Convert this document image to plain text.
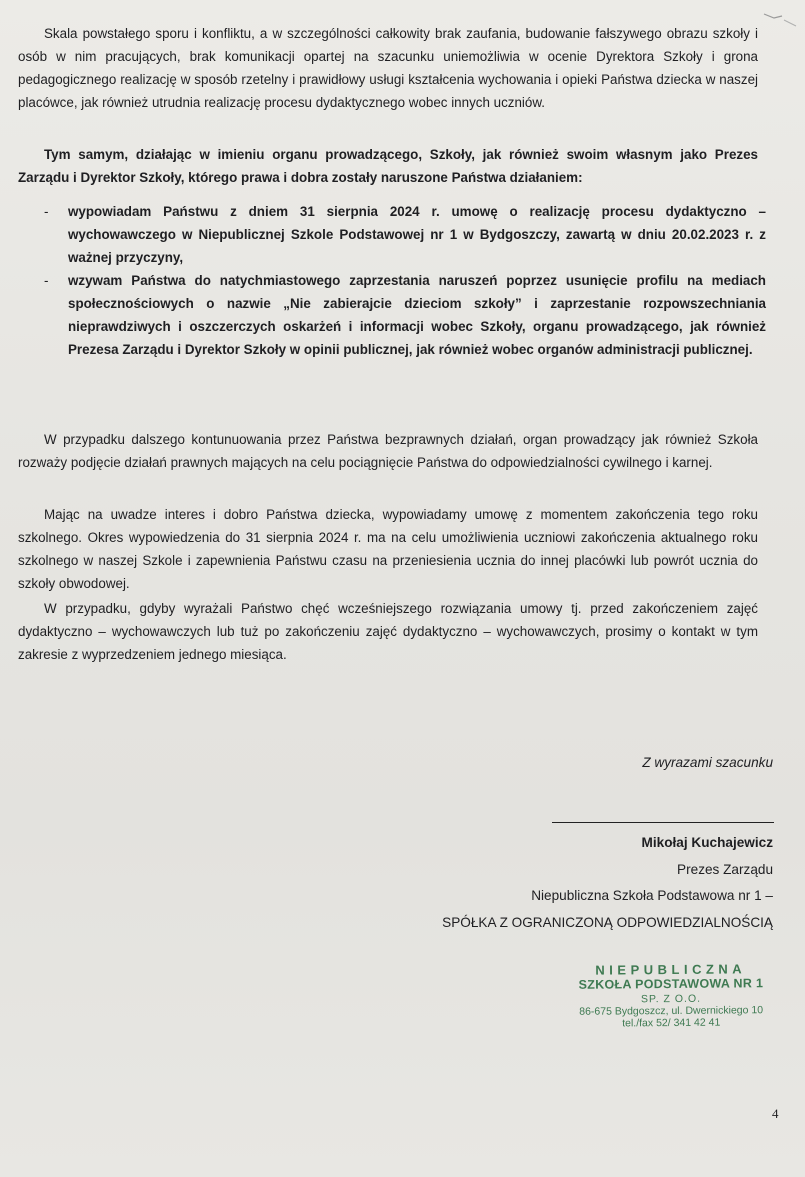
Skala powstałego sporu i konfliktu, a w szczególności całkowity brak zaufania, budowanie fałszywego obrazu szkoły i osób w nim pracujących, brak komunikacji opartej na szacunku uniemożliwia w ocenie Dyrektora Szkoły i grona pedagogicznego realizację w sposób rzetelny i prawidłowy usługi kształcenia wychowania i opieki Państwa dziecka w naszej placówce, jak również utrudnia realizację procesu dydaktycznego wobec innych uczniów.

Tym samym, działając w imieniu organu prowadzącego, Szkoły, jak również swoim własnym jako Prezes Zarządu i Dyrektor Szkoły, którego prawa i dobra zostały naruszone Państwa działaniem:

- wypowiadam Państwu z dniem 31 sierpnia 2024 r. umowę o realizację procesu dydaktyczno – wychowawczego w Niepublicznej Szkole Podstawowej nr 1 w Bydgoszczy, zawartą w dniu 20.02.2023 r. z ważnej przyczyny,
- wzywam Państwa do natychmiastowego zaprzestania naruszeń poprzez usunięcie profilu na mediach społecznościowych o nazwie „Nie zabierajcie dzieciom szkoły” i zaprzestanie rozpowszechniania nieprawdziwych i oszczerczych oskarżeń i informacji wobec Szkoły, organu prowadzącego, jak również Prezesa Zarządu i Dyrektor Szkoły w opinii publicznej, jak również wobec organów administracji publicznej.

W przypadku dalszego kontunuowania przez Państwa bezprawnych działań, organ prowadzący jak również Szkoła rozważy podjęcie działań prawnych mających na celu pociągnięcie Państwa do odpowiedzialności cywilnego i karnej.

Mając na uwadze interes i dobro Państwa dziecka, wypowiadamy umowę z momentem zakończenia tego roku szkolnego. Okres wypowiedzenia do 31 sierpnia 2024 r. ma na celu umożliwienia uczniowi zakończenia aktualnego roku szkolnego w naszej Szkole i zapewnienia Państwu czasu na przeniesienia ucznia do innej placówki lub powrót ucznia do szkoły obwodowej.

W przypadku, gdyby wyrażali Państwo chęć wcześniejszego rozwiązania umowy tj. przed zakończeniem zajęć dydaktyczno – wychowawczych lub tuż po zakończeniu zajęć dydaktyczno – wychowawczych, prosimy o kontakt w tym zakresie z wyprzedzeniem jednego miesiąca.

Z wyrazami szacunku
Mikołaj Kuchajewicz
Prezes Zarządu
Niepubliczna Szkoła Podstawowa nr 1 –
SPÓŁKA Z OGRANICZONĄ ODPOWIEDZIALNOŚCIĄ
NIEPUBLICZNA
SZKOŁA PODSTAWOWA NR 1
SP. Z O.O.
86-675 Bydgoszcz, ul. Dwernickiego 10
tel./fax 52/ 341 42 41
4
